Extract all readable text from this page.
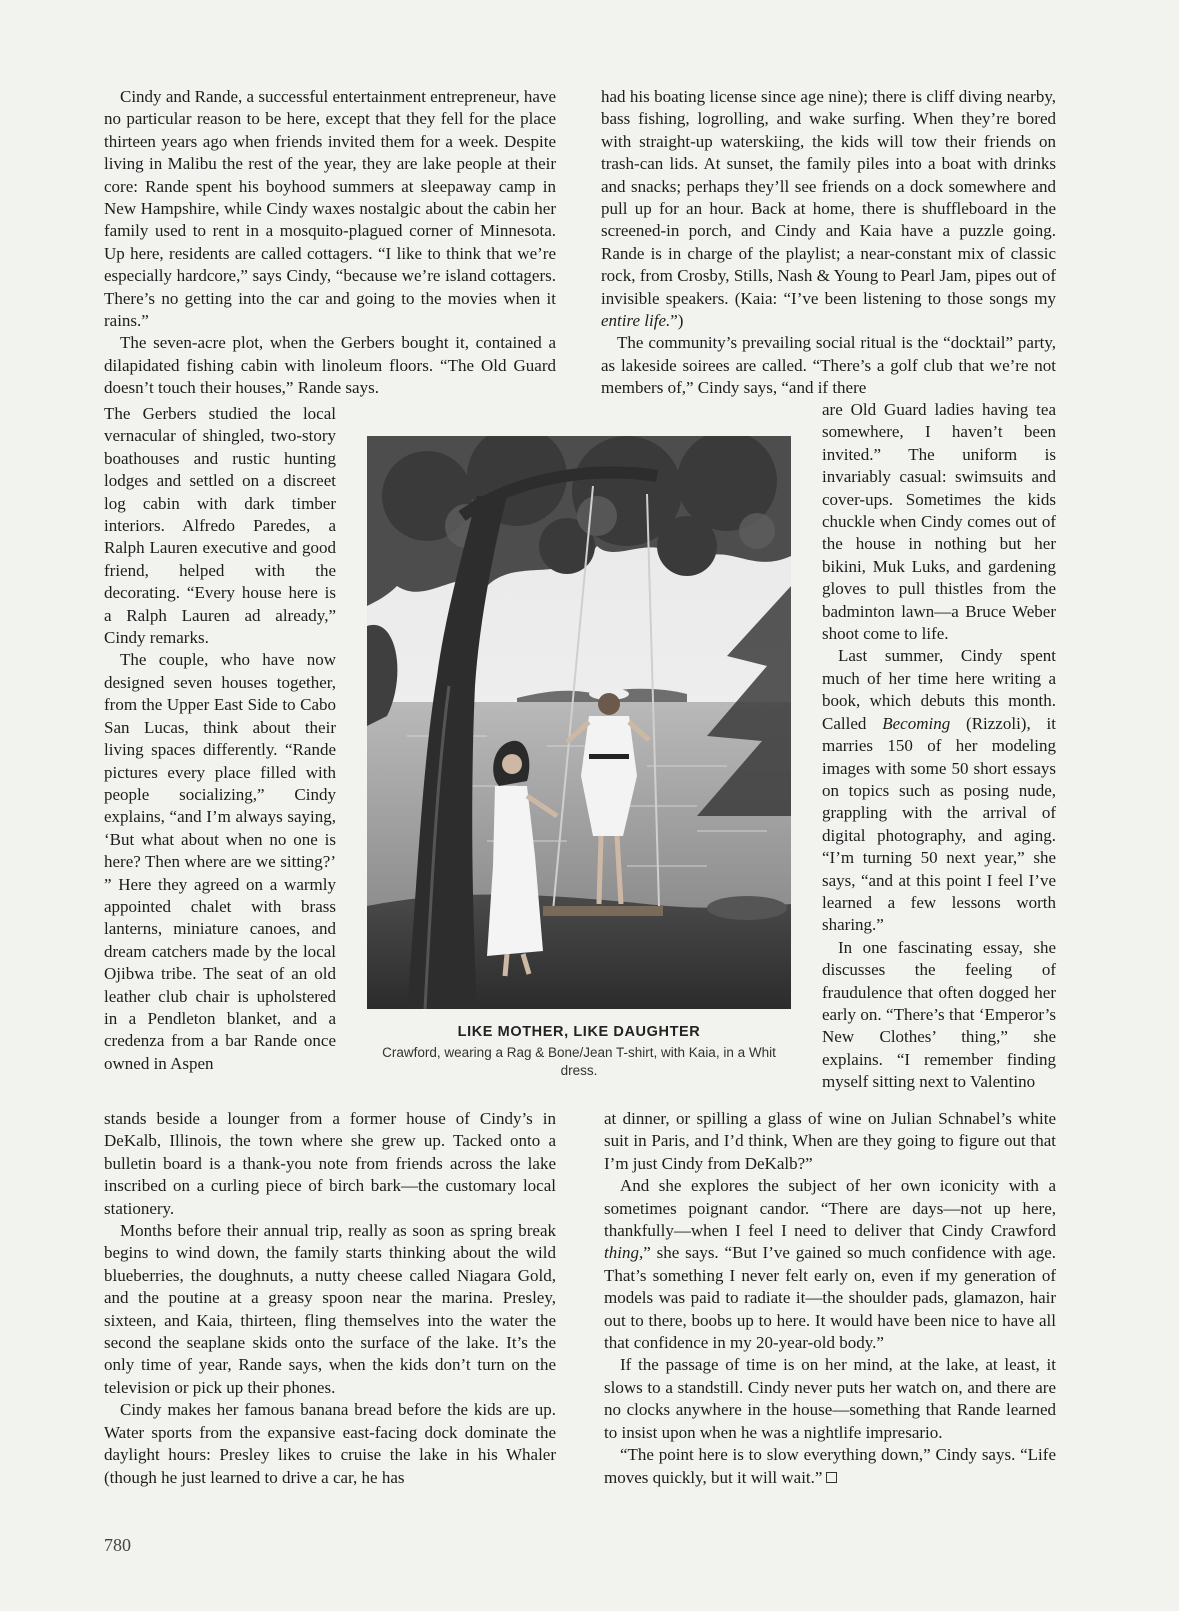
Cindy and Rande, a successful entertainment entrepreneur, have no particular reason to be here, except that they fell for the place thirteen years ago when friends invited them for a week. Despite living in Malibu the rest of the year, they are lake people at their core: Rande spent his boyhood summers at sleepaway camp in New Hampshire, while Cindy waxes nostalgic about the cabin her family used to rent in a mosquito-plagued corner of Minnesota. Up here, residents are called cottagers. “I like to think that we’re especially hardcore,” says Cindy, “because we’re island cottagers. There’s no getting into the car and going to the movies when it rains.”

The seven-acre plot, when the Gerbers bought it, contained a dilapidated fishing cabin with linoleum floors. “The Old Guard doesn’t touch their houses,” Rande says.

The Gerbers studied the local vernacular of shingled, two-story boathouses and rustic hunting lodges and settled on a discreet log cabin with dark timber interiors. Alfredo Paredes, a Ralph Lauren executive and good friend, helped with the decorating. “Every house here is a Ralph Lauren ad already,” Cindy remarks.

The couple, who have now designed seven houses together, from the Upper East Side to Cabo San Lucas, think about their living spaces differently. “Rande pictures every place filled with people socializing,” Cindy explains, “and I’m always saying, ‘But what about when no one is here? Then where are we sitting?’ ” Here they agreed on a warmly appointed chalet with brass lanterns, miniature canoes, and dream catchers made by the local Ojibwa tribe. The seat of an old leather club chair is upholstered in a Pendleton blanket, and a credenza from a bar Rande once owned in Aspen

stands beside a lounger from a former house of Cindy’s in DeKalb, Illinois, the town where she grew up. Tacked onto a bulletin board is a thank-you note from friends across the lake inscribed on a curling piece of birch bark—the customary local stationery.

Months before their annual trip, really as soon as spring break begins to wind down, the family starts thinking about the wild blueberries, the doughnuts, a nutty cheese called Niagara Gold, and the poutine at a greasy spoon near the marina. Presley, sixteen, and Kaia, thirteen, fling themselves into the water the second the seaplane skids onto the surface of the lake. It’s the only time of year, Rande says, when the kids don’t turn on the television or pick up their phones.

Cindy makes her famous banana bread before the kids are up. Water sports from the expansive east-facing dock dominate the daylight hours: Presley likes to cruise the lake in his Whaler (though he just learned to drive a car, he has

had his boating license since age nine); there is cliff diving nearby, bass fishing, logrolling, and wake surfing. When they’re bored with straight-up waterskiing, the kids will tow their friends on trash-can lids. At sunset, the family piles into a boat with drinks and snacks; perhaps they’ll see friends on a dock somewhere and pull up for an hour. Back at home, there is shuffleboard in the screened-in porch, and Cindy and Kaia have a puzzle going. Rande is in charge of the playlist; a near-constant mix of classic rock, from Crosby, Stills, Nash & Young to Pearl Jam, pipes out of invisible speakers. (Kaia: “I’ve been listening to those songs my entire life.”)

The community’s prevailing social ritual is the “docktail” party, as lakeside soirees are called. “There’s a golf club that we’re not members of,” Cindy says, “and if there

are Old Guard ladies having tea somewhere, I haven’t been invited.” The uniform is invariably casual: swimsuits and cover-ups. Sometimes the kids chuckle when Cindy comes out of the house in nothing but her bikini, Muk Luks, and gardening gloves to pull thistles from the badminton lawn—a Bruce Weber shoot come to life.

Last summer, Cindy spent much of her time here writing a book, which debuts this month. Called Becoming (Rizzoli), it marries 150 of her modeling images with some 50 short essays on topics such as posing nude, grappling with the arrival of digital photography, and aging. “I’m turning 50 next year,” she says, “and at this point I feel I’ve learned a few lessons worth sharing.”

In one fascinating essay, she discusses the feeling of fraudulence that often dogged her early on. “There’s that ‘Emperor’s New Clothes’ thing,” she explains. “I remember finding myself sitting next to Valentino

at dinner, or spilling a glass of wine on Julian Schnabel’s white suit in Paris, and I’d think, When are they going to figure out that I’m just Cindy from DeKalb?”

And she explores the subject of her own iconicity with a sometimes poignant candor. “There are days—not up here, thankfully—when I feel I need to deliver that Cindy Crawford thing,” she says. “But I’ve gained so much confidence with age. That’s something I never felt early on, even if my generation of models was paid to radiate it—the shoulder pads, glamazon, hair out to there, boobs up to here. It would have been nice to have all that confidence in my 20-year-old body.”

If the passage of time is on her mind, at the lake, at least, it slows to a standstill. Cindy never puts her watch on, and there are no clocks anywhere in the house—something that Rande learned to insist upon when he was a nightlife impresario.

“The point here is to slow everything down,” Cindy says. “Life moves quickly, but it will wait.”

LIKE MOTHER, LIKE DAUGHTER
Crawford, wearing a Rag & Bone/Jean T-shirt, with Kaia, in a Whit dress.
780
